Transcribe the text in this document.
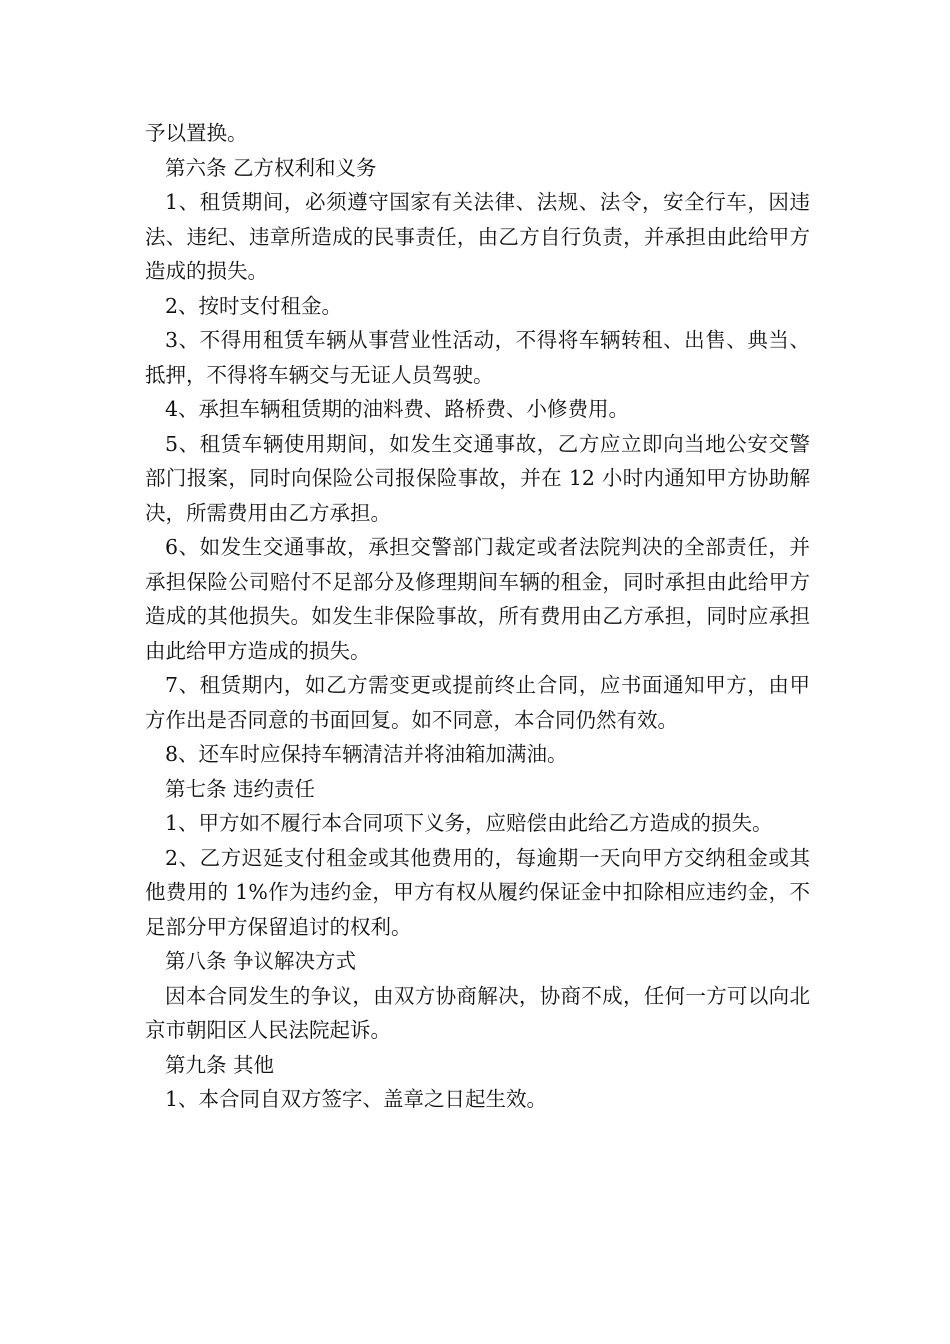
予以置换。

第六条 乙方权利和义务

1、租赁期间，必须遵守国家有关法律、法规、法令，安全行车，因违法、违纪、违章所造成的民事责任，由乙方自行负责，并承担由此给甲方造成的损失。

2、按时支付租金。

3、不得用租赁车辆从事营业性活动，不得将车辆转租、出售、典当、抵押，不得将车辆交与无证人员驾驶。

4、承担车辆租赁期的油料费、路桥费、小修费用。

5、租赁车辆使用期间，如发生交通事故，乙方应立即向当地公安交警部门报案，同时向保险公司报保险事故，并在 12 小时内通知甲方协助解决，所需费用由乙方承担。

6、如发生交通事故，承担交警部门裁定或者法院判决的全部责任，并承担保险公司赔付不足部分及修理期间车辆的租金，同时承担由此给甲方造成的其他损失。如发生非保险事故，所有费用由乙方承担，同时应承担由此给甲方造成的损失。

7、租赁期内，如乙方需变更或提前终止合同，应书面通知甲方，由甲方作出是否同意的书面回复。如不同意，本合同仍然有效。

8、还车时应保持车辆清洁并将油箱加满油。

第七条 违约责任

1、甲方如不履行本合同项下义务，应赔偿由此给乙方造成的损失。

2、乙方迟延支付租金或其他费用的，每逾期一天向甲方交纳租金或其他费用的 1%作为违约金，甲方有权从履约保证金中扣除相应违约金，不足部分甲方保留追讨的权利。

第八条 争议解决方式

因本合同发生的争议，由双方协商解决，协商不成，任何一方可以向北京市朝阳区人民法院起诉。

第九条 其他

1、本合同自双方签字、盖章之日起生效。
